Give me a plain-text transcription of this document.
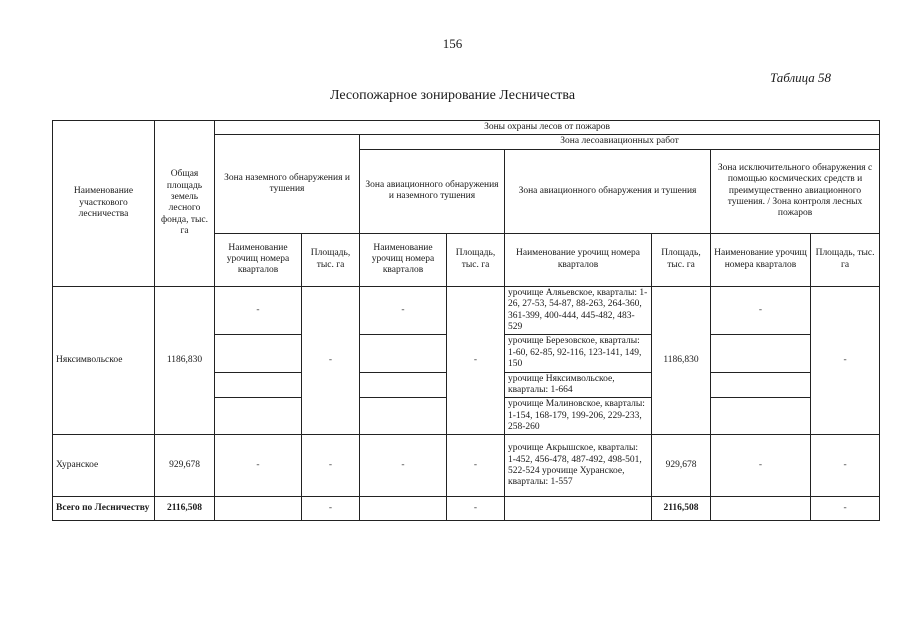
156
Таблица 58
Лесопожарное зонирование Лесничества
Наименование участкового лесничества	Общая площадь земель лесного фонда, тыс. га	Зоны охраны лесов от пожаров							
		Зона наземного обнаружения и тушения		Зона лесоавиационных работ					
				Зона авиационного обнаружения и наземного тушения		Зона авиационного обнаружения и тушения		Зона исключительного обнаружения с помощью космических средств и преимущественно авиационного тушения. / Зона контроля лесных пожаров	
		Наименование урочищ номера кварталов	Площадь, тыс. га	Наименование урочищ номера кварталов	Площадь, тыс. га	Наименование урочищ номера кварталов	Площадь, тыс. га	Наименование урочищ номера кварталов	Площадь, тыс. га
Няксимвольское	1186,830	-	-	-	-	урочище Аляьевское, кварталы: 1-26, 27-53, 54-87, 88-263, 264-360, 361-399, 400-444, 445-482, 483-529	1186,830	-	-
						урочище Березовское, кварталы: 1-60, 62-85, 92-116, 123-141, 149, 150			
						урочище Няксимвольское, кварталы: 1-664			
						урочище Малиновское, кварталы: 1-154, 168-179, 199-206, 229-233, 258-260			
Хуранское	929,678	-	-	-	-	урочище Акрышское, кварталы: 1-452, 456-478, 487-492, 498-501, 522-524 урочище Хуранское, кварталы: 1-557	929,678	-	-
Всего по Лесничеству	2116,508		-		-		2116,508		-
